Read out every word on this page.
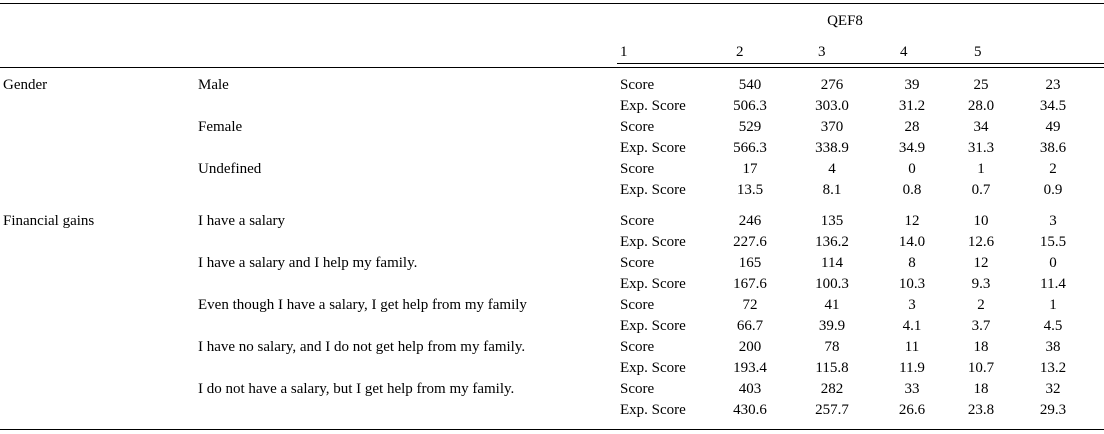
QEF8
1	2	3	4	5
Gender	Male	Score	540	276	39	25	23
Exp. Score	506.3	303.0	31.2	28.0	34.5
Female	Score	529	370	28	34	49
Exp. Score	566.3	338.9	34.9	31.3	38.6
Undefined	Score	17	4	0	1	2
Exp. Score	13.5	8.1	0.8	0.7	0.9
Financial gains	I have a salary	Score	246	135	12	10	3
Exp. Score	227.6	136.2	14.0	12.6	15.5
I have a salary and I help my family.	Score	165	114	8	12	0
Exp. Score	167.6	100.3	10.3	9.3	11.4
Even though I have a salary, I get help from my family	Score	72	41	3	2	1
Exp. Score	66.7	39.9	4.1	3.7	4.5
I have no salary, and I do not get help from my family.	Score	200	78	11	18	38
Exp. Score	193.4	115.8	11.9	10.7	13.2
I do not have a salary, but I get help from my family.	Score	403	282	33	18	32
Exp. Score	430.6	257.7	26.6	23.8	29.3
